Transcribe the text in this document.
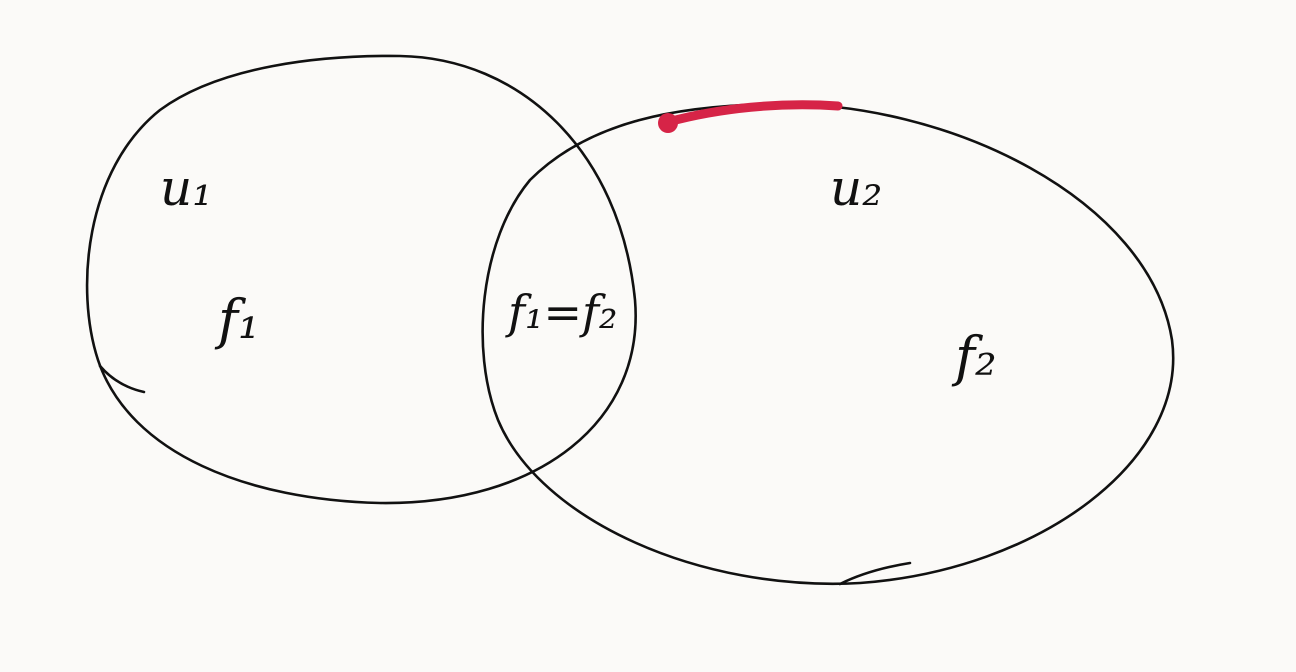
u₁
f₁
u₂
f₂
f₁=f₂
